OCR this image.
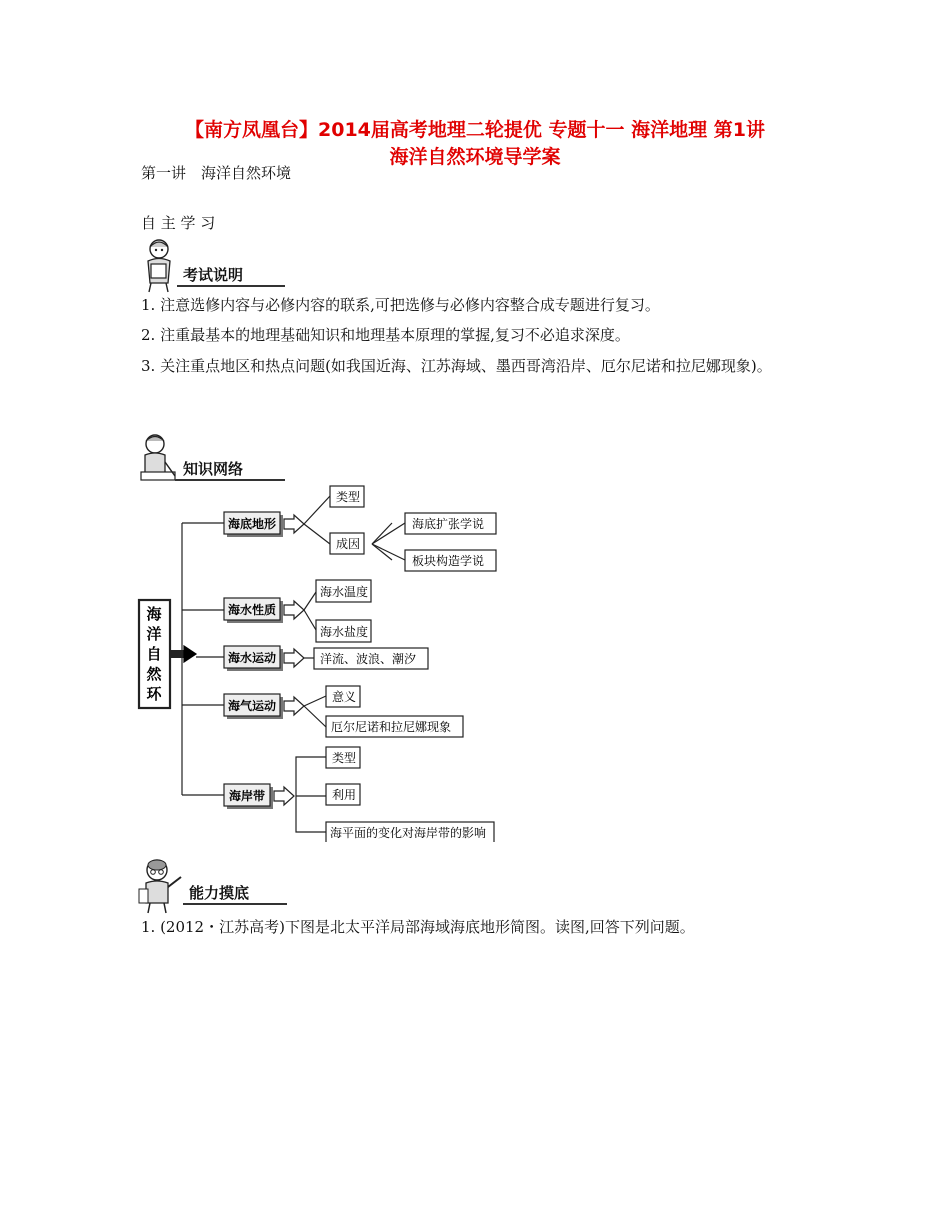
【南方凤凰台】2014届高考地理二轮提优 专题十一 海洋地理 第1讲
海洋自然环境导学案
第一讲　海洋自然环境
自 主 学 习
考试说明
1. 注意选修内容与必修内容的联系,可把选修与必修内容整合成专题进行复习。
2. 注重最基本的地理基础知识和地理基本原理的掌握,复习不必追求深度。
3. 关注重点地区和热点问题(如我国近海、江苏海域、墨西哥湾沿岸、厄尔尼诺和拉尼娜现象)。
知识网络
海
洋
自
然
环
海底地形
海水性质
海水运动
海气运动
海岸带
类型
成因
海底扩张学说
板块构造学说
海水温度
海水盐度
洋流、波浪、潮汐
意义
厄尔尼诺和拉尼娜现象
类型
利用
海平面的变化对海岸带的影响
能力摸底
1. (2012・江苏高考)下图是北太平洋局部海域海底地形简图。读图,回答下列问题。
